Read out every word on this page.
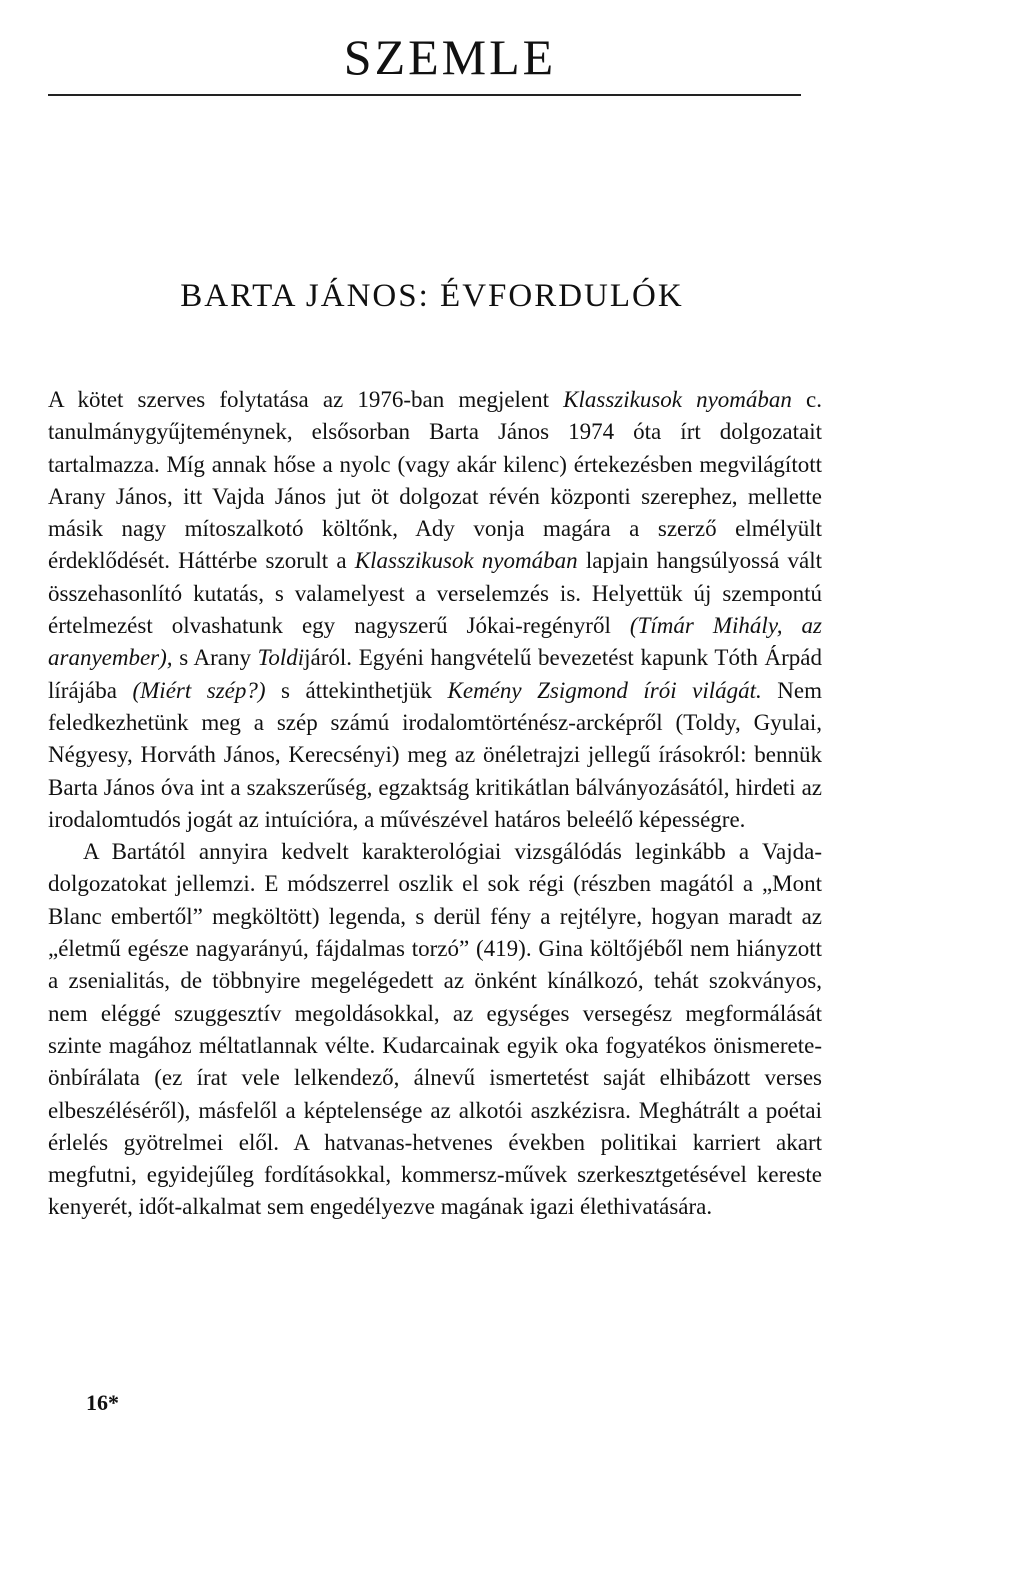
SZEMLE
BARTA JÁNOS: ÉVFORDULÓK

A kötet szerves folytatása az 1976-ban megjelent Klasszikusok nyomában c. tanulmánygyűjteménynek, elsősorban Barta János 1974 óta írt dolgozatait tartalmazza. Míg annak hőse a nyolc (vagy akár kilenc) értekezésben megvilágított Arany János, itt Vajda János jut öt dolgozat révén központi szerephez, mellette másik nagy mítoszalkotó költőnk, Ady vonja magára a szerző elmélyült érdeklődését. Háttérbe szorult a Klasszikusok nyomában lapjain hangsúlyossá vált összehasonlító kutatás, s valamelyest a verselemzés is. Helyettük új szempontú értelmezést olvashatunk egy nagyszerű Jókai-regényről (Tímár Mihály, az aranyember), s Arany Toldijáról. Egyéni hangvételű bevezetést kapunk Tóth Árpád lírájába (Miért szép?) s áttekinthetjük Kemény Zsigmond írói világát. Nem feledkezhetünk meg a szép számú irodalomtörténész-arcképről (Toldy, Gyulai, Négyesy, Horváth János, Kerecsényi) meg az önéletrajzi jellegű írásokról: bennük Barta János óva int a szakszerűség, egzaktság kritikátlan bálványozásától, hirdeti az irodalomtudós jogát az intuícióra, a művészével határos beleélő képességre.

A Bartától annyira kedvelt karakterológiai vizsgálódás leginkább a Vajda-dolgozatokat jellemzi. E módszerrel oszlik el sok régi (részben magától a „Mont Blanc embertől” megköltött) legenda, s derül fény a rejtélyre, hogyan maradt az „életmű egésze nagyarányú, fájdalmas torzó” (419). Gina költőjéből nem hiányzott a zsenialitás, de többnyire megelégedett az önként kínálkozó, tehát szokványos, nem eléggé szuggesztív megoldásokkal, az egységes versegész megformálását szinte magához méltatlannak vélte. Kudarcainak egyik oka fogyatékos önismerete-önbírálata (ez írat vele lelkendező, álnevű ismertetést saját elhibázott verses elbeszéléséről), másfelől a képtelensége az alkotói aszkézisra. Meghátrált a poétai érlelés gyötrelmei elől. A hatvanas-hetvenes években politikai karriert akart megfutni, egyidejűleg fordításokkal, kommersz-művek szerkesztgetésével kereste kenyerét, időt-alkalmat sem engedélyezve magának igazi élethivatására.

16*
